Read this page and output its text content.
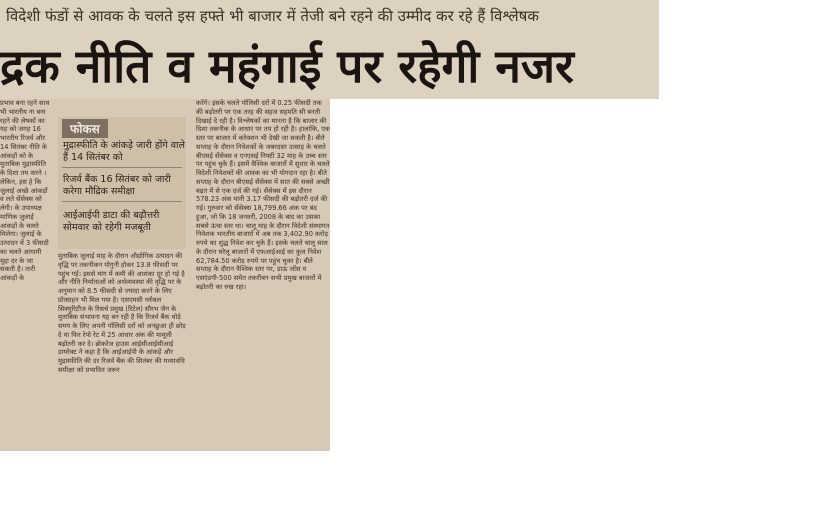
विदेशी फंडों से आवक के चलते इस हफ्ते भी बाजार में तेजी बने रहने की उम्मीद कर रहे हैं विश्लेषक
द्रक नीति व महंगाई पर रहेगी नजर

प्रभाव बना रहने साथ भी भारतीय ना बना रहने की लेषकों का यह को जगह 16 भारतीय रिजर्व और 14 सितंबर नीति के आंकड़ों को के मुताबिक मुद्रास्फीति के दिशा तय करने । लेकिन, इस हे कि जुलाई अच्छे आंकड़ों व लते सेंसेक्स को लेगी। के उपाध्यक्ष माणिक जुलाई आंकड़ों के चलते मिलेगा। जुलाई के उत्पादन में 3 फीसदी का चलते आगामी मुद्दा दर के जा सकती है। तारी आंकड़ों के

फोकस
मुद्रास्फीति के आंकड़े जारी होंगे वाले हैं 14 सितंबर को
रिजर्व बैंक 16 सितंबर को जारी करेगा मौद्रिक समीक्षा
आईआईपी डाटा की बढ़ौत्तरी सोमवार को रहेगी मजबूती

मुताबिक जुलाई माह के दौरान औद्योगिक उत्पादन की वृद्धि पर तकनीकन योगुनी होकर 13.8 फीसदी पर पहुंच गई। इससे मांग में कमी की आशंका दूर हो गई है और नीति निर्माताओं को अर्थव्यवस्था की वृद्धि पर के अनुमान को 8.5 फीसदी से ज्यादा करने के लिए प्रोत्साहन भी मिल गया है। एसएमसी ग्लोबल सिक्युरिटीज के रिसर्च प्रमुख (रिटेल) सौरभ जैन के मुताबिक संभावना यह बन रही है कि रिजर्व बैंक थोड़े समय के लिए अपनी पॉलिसी दरों को अनछुआ ही छोड़ दे या फिर रेपो रेट में 25 आधार अंक की मामूली बढ़ोतरी कर दे। ब्रोकरेज हाउस आईसीआईसीआई डायरेक्ट ने कहा है कि आईआईपी के आंकड़ें और मुद्रास्फीति की दर रिजर्व बैंक की सितंबर की मध्यावधि समीक्षा को प्रभावित जरूर

करेंगे। इसके चलते पॉलिसी दरों में 0.25 फीसदी तक की बढ़ोतरी पर एक तरह की सहज सहमति सी बनती दिखाई दे रही है। विश्लेषकों का मानना है कि बाजार की दिशा तकनीक के आधार पर तय हो रही है। हालांकि, एक स्तर पर बाजार में करेक्शन भी देखी जा सकती है। बीते सप्ताह के दौरान निवेशकों के जबरदस्त उत्साह के चलते बीएसई सेंसेक्स व एनएसई निफ्टी 32 माह के उच्च स्तर पर पहुंच चुके हैं। इसमें वैश्विक बाजारों में सुधार के चलते विदेशी निवेशकों की आवक का भी योगदान रहा है। बीते सप्ताह के दौरान बीएसई सेंसेक्स में सात की सबसे अच्छी बढ़त में से एक दर्ज की गई। सेंसेक्स में इस दौरान 578.23 अंक यानी 3.17 फीसदी की बढ़ोतरी दर्ज की गई। गुरुवार को सेंसेक्स 18,799.66 अंक पर बंद हुआ, जो कि 18 जनवरी, 2008 के बाद का उसका सबसे ऊंचा स्तर था। चालू माह के दौरान विदेशी संस्थागत निवेशक भारतीय बाजारों में अब तक 3,402.90 करोड़ रुपये का शुद्ध निवेश कर चुके हैं। इसके चलते चालू साल के दौरान घरेलू बाजारों में एफआईआई का कुल निवेश 62,784.50 करोड़ रुपये पर पहुंच चुका है। बीते सप्ताह के दौरान वैश्विक स्तर पर, डाऊ जोंस व एसएंडपी-500 समेत तकरीबन सभी प्रमुख बाजारों में बढ़ोतरी का रुख रहा।
